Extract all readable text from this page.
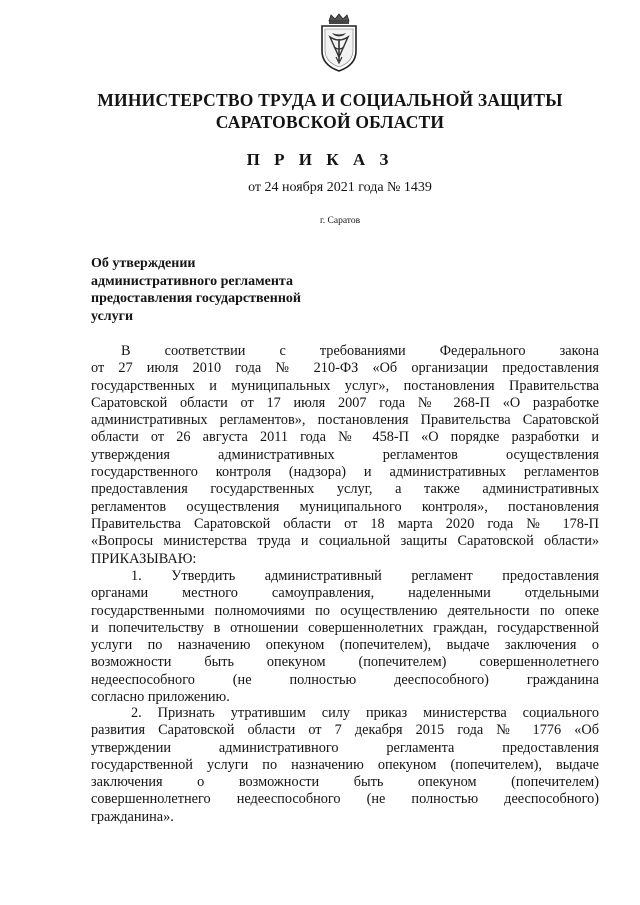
МИНИСТЕРСТВО ТРУДА И СОЦИАЛЬНОЙ ЗАЩИТЫ
САРАТОВСКОЙ ОБЛАСТИ
П Р И К А З
от 24 ноября 2021 года № 1439
г. Саратов
Об утверждении
административного регламента
предоставления государственной
услуги
В соответствии с требованиями Федерального закона
от 27 июля 2010 года № 210-ФЗ «Об организации предоставления
государственных и муниципальных услуг», постановления Правительства
Саратовской области от 17 июля 2007 года № 268-П «О разработке
административных регламентов», постановления Правительства Саратовской
области от 26 августа 2011 года № 458-П «О порядке разработки и
утверждения административных регламентов осуществления
государственного контроля (надзора) и административных регламентов
предоставления государственных услуг, а также административных
регламентов осуществления муниципального контроля», постановления
Правительства Саратовской области от 18 марта 2020 года № 178-П
«Вопросы министерства труда и социальной защиты Саратовской области»
ПРИКАЗЫВАЮ:
1. Утвердить административный регламент предоставления
органами местного самоуправления, наделенными отдельными
государственными полномочиями по осуществлению деятельности по опеке
и попечительству в отношении совершеннолетних граждан, государственной
услуги по назначению опекуном (попечителем), выдаче заключения о
возможности быть опекуном (попечителем) совершеннолетнего
недееспособного (не полностью дееспособного) гражданина
согласно приложению.
2. Признать утратившим силу приказ министерства социального
развития Саратовской области от 7 декабря 2015 года № 1776 «Об
утверждении административного регламента предоставления
государственной услуги по назначению опекуном (попечителем), выдаче
заключения о возможности быть опекуном (попечителем)
совершеннолетнего недееспособного (не полностью дееспособного)
гражданина».
